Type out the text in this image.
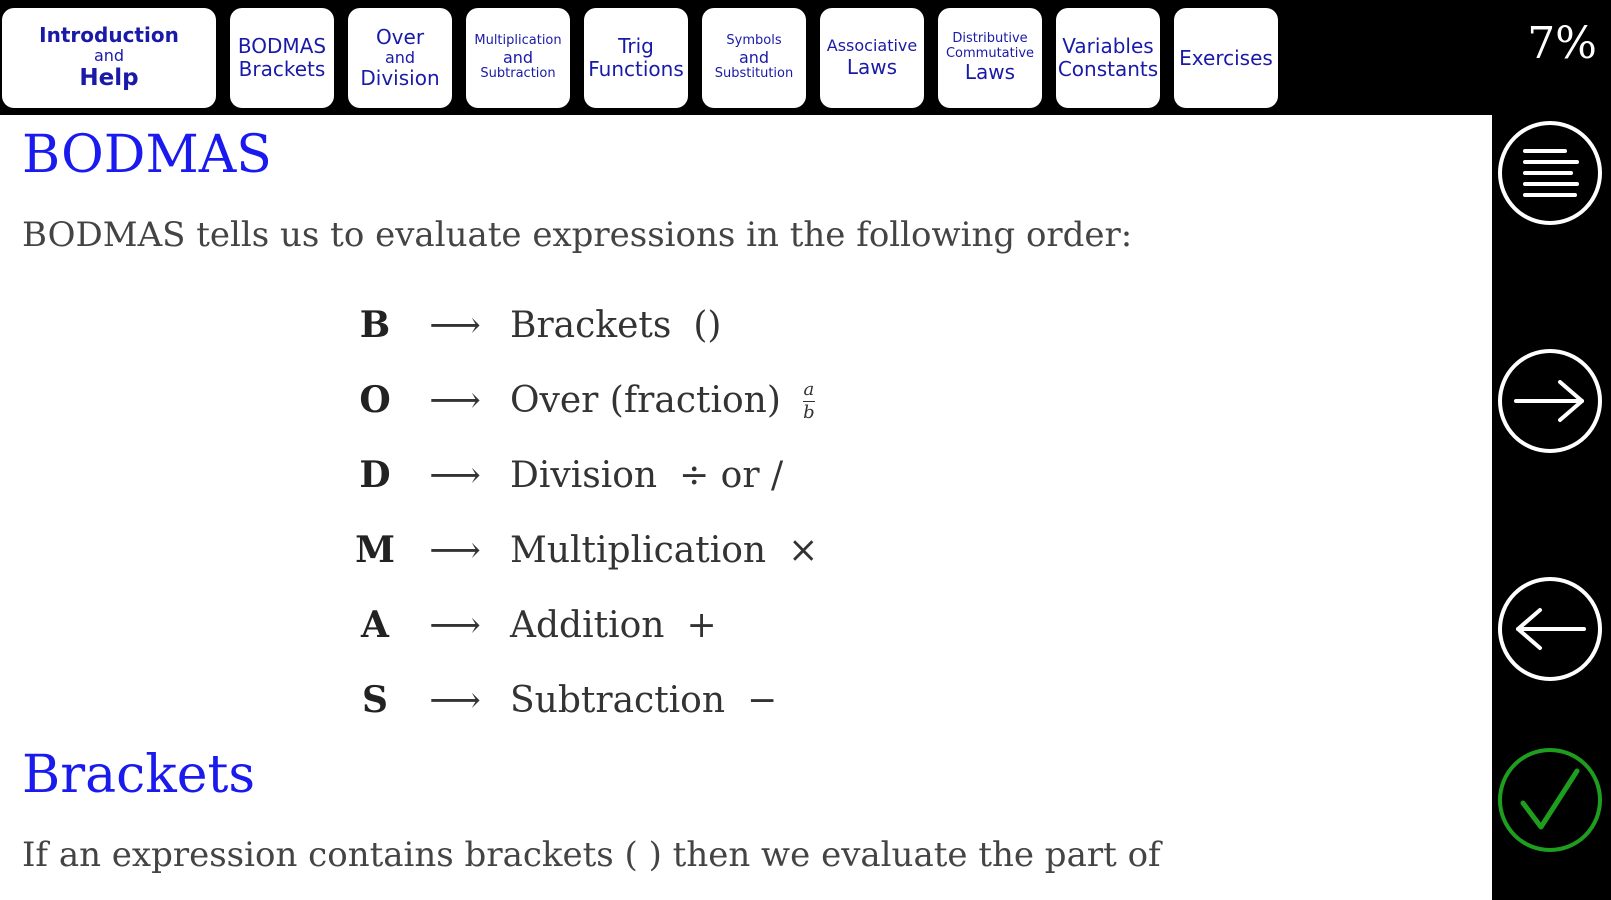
Introduction
and
Help
BODMAS
Brackets
Over
and
Division
Multiplication
and
Subtraction
Trig
Functions
Symbols
and
Substitution
Associative
Laws
Distributive
Commutative
Laws
Variables
Constants Exercises	7%
BODMAS

BODMAS tells us to evaluate expressions in the following order:

B	⟶ Brackets ()
O	⟶ Over (fraction) $\frac{a}{b}$
D	⟶ Division ÷ or /
M ⟶ Multiplication ×
A	⟶ Addition +
S	⟶ Subtraction −
Brackets

If an expression contains brackets ( ) then we evaluate the part of
